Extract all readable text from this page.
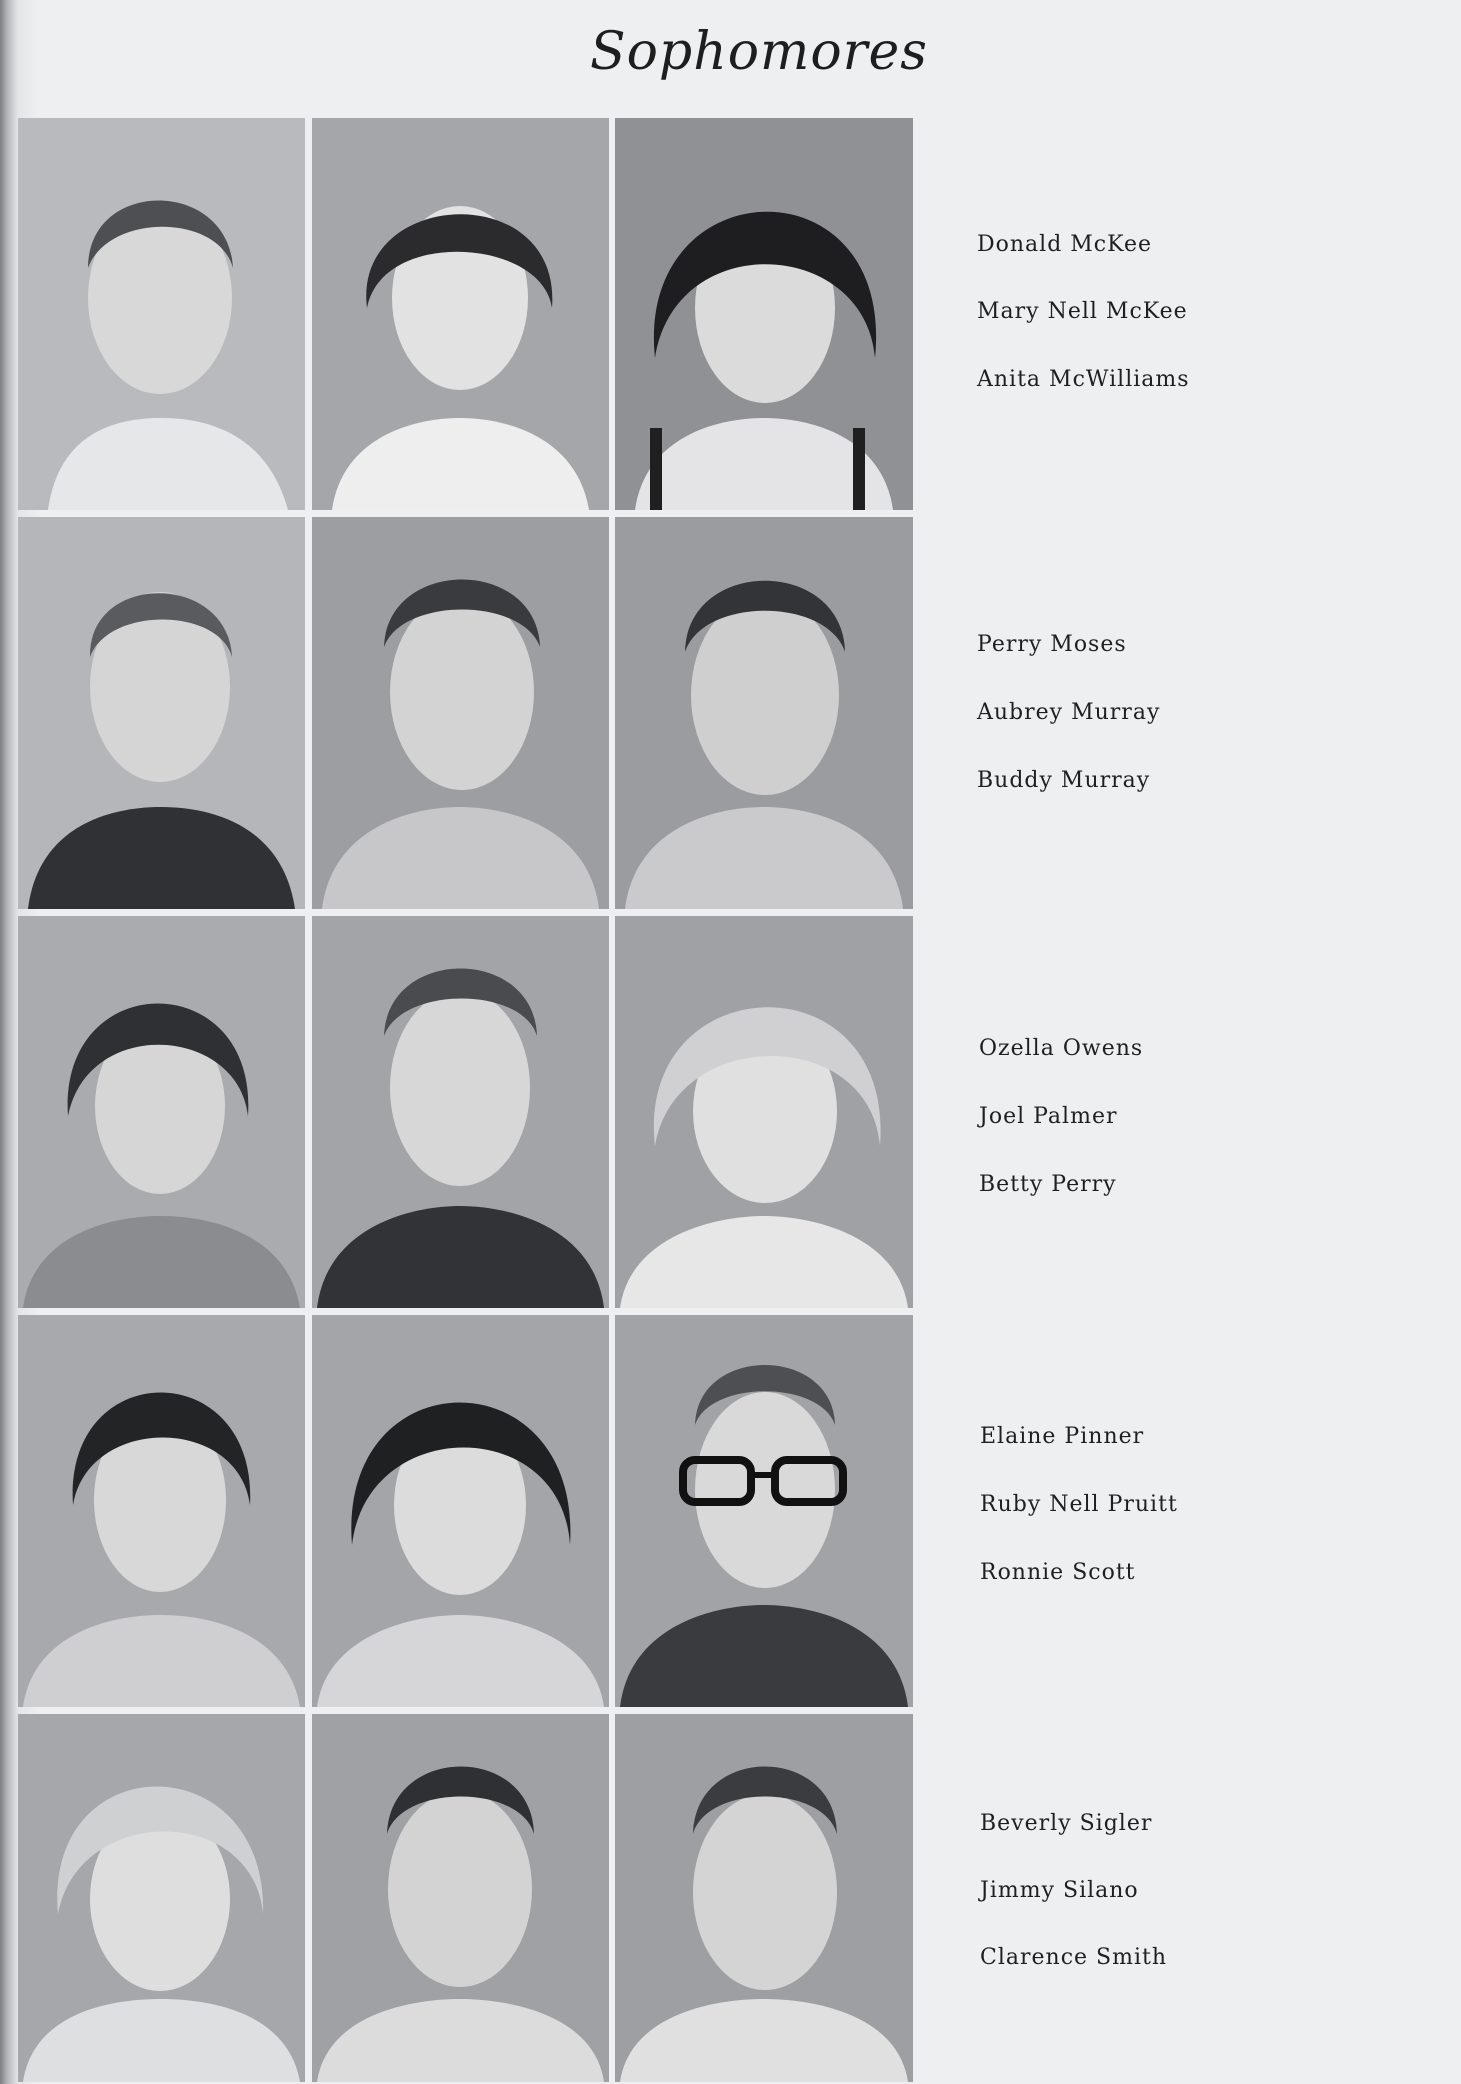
Sophomores
Donald McKee
Mary Nell McKee
Anita McWilliams
Perry Moses
Aubrey Murray
Buddy Murray
Ozella Owens
Joel Palmer
Betty Perry
Elaine Pinner
Ruby Nell Pruitt
Ronnie Scott
Beverly Sigler
Jimmy Silano
Clarence Smith
